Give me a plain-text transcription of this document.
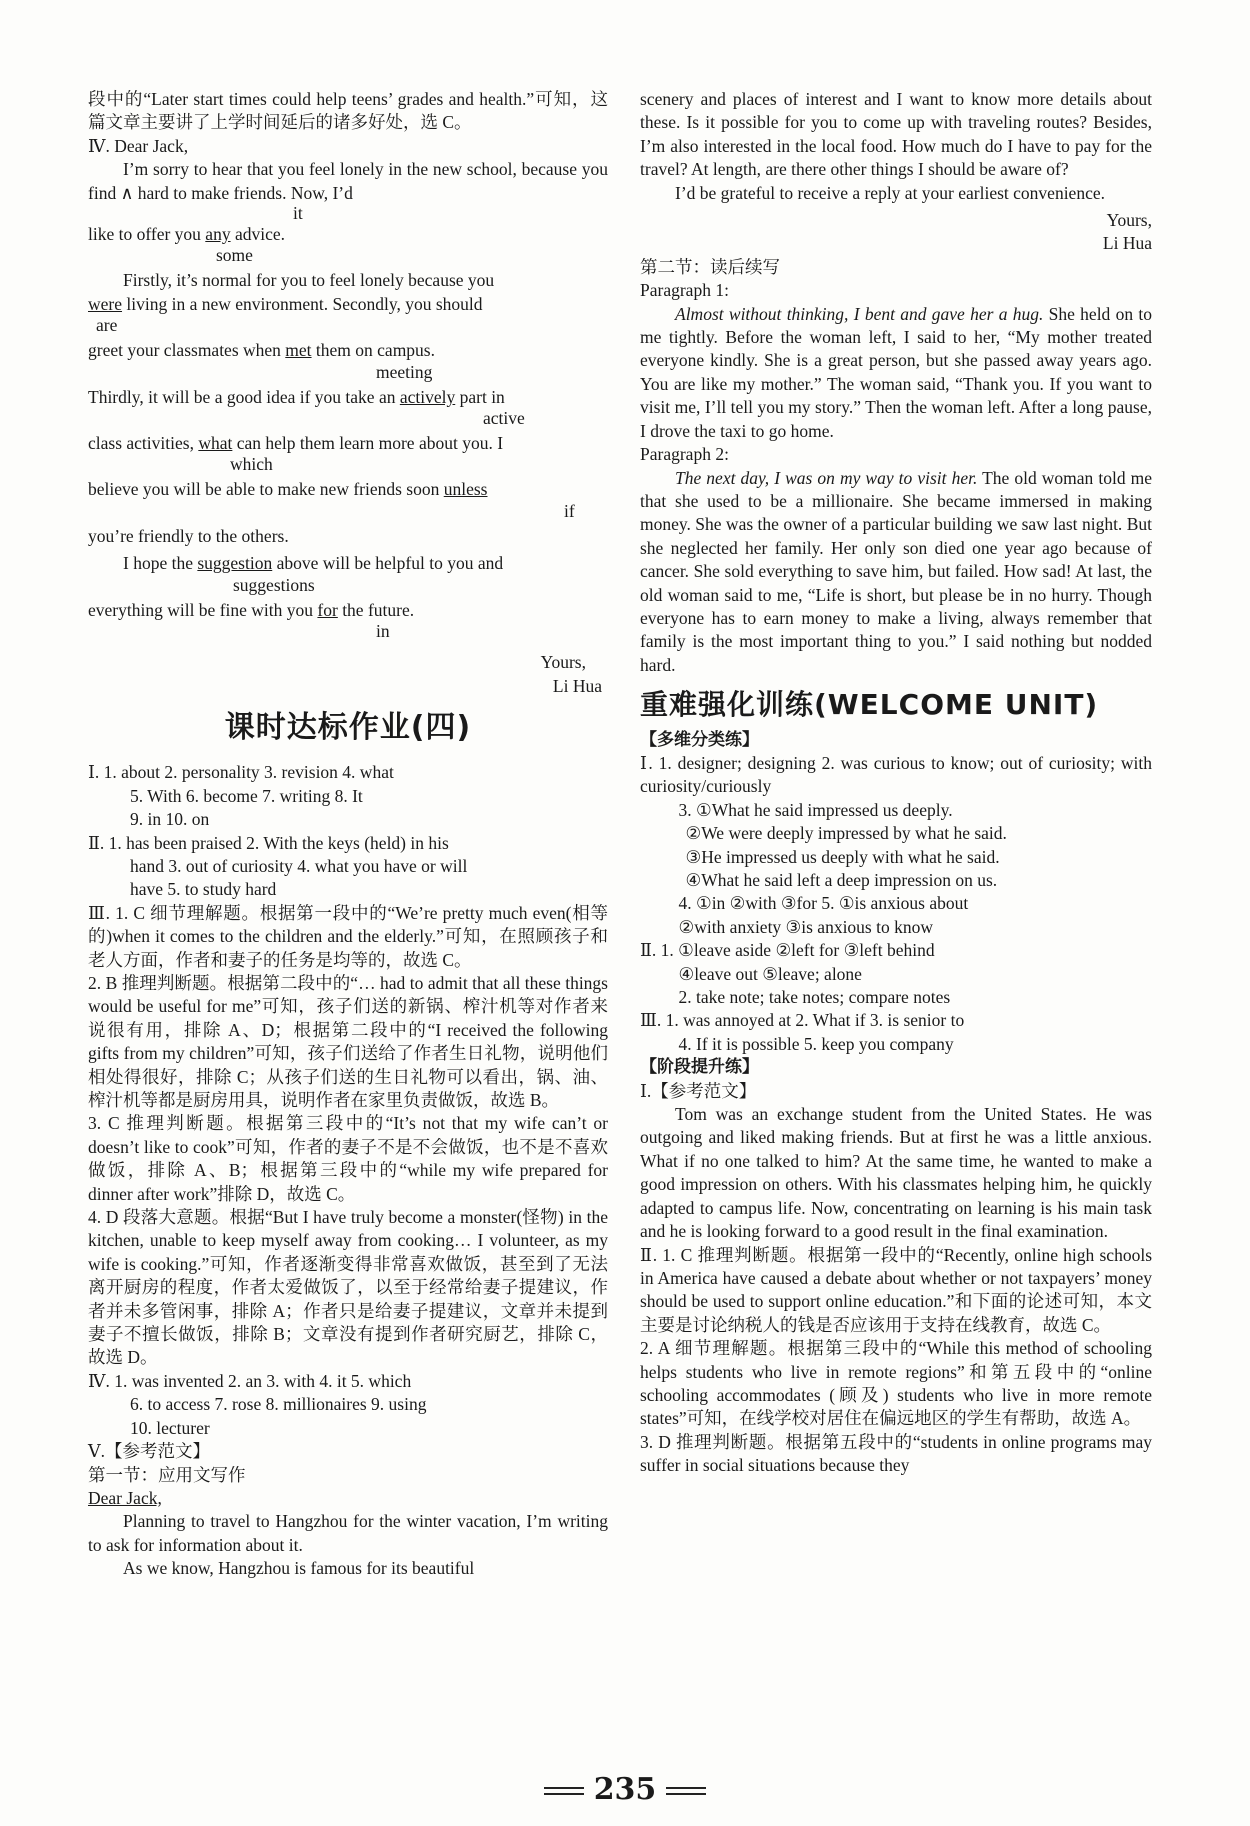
段中的“Later start times could help teens’ grades and health.”可知，这篇文章主要讲了上学时间延后的诸多好处，选 C。

Ⅳ. Dear Jack,

I’m sorry to hear that you feel lonely in the new school, because you find ∧ hard to make friends. Now, I’d

it

like to offer you any advice.

some

Firstly, it’s normal for you to feel lonely because you

were living in a new environment. Secondly, you should

are

greet your classmates when met them on campus.

meeting

Thirdly, it will be a good idea if you take an actively part in

active

class activities, what can help them learn more about you. I

which

believe you will be able to make new friends soon unless

if

you’re friendly to the others.

I hope the suggestion above will be helpful to you and

suggestions

everything will be fine with you for the future.

in

Yours,

Li Hua

课时达标作业(四)

Ⅰ. 1. about 2. personality 3. revision 4. what

5. With 6. become 7. writing 8. It

9. in 10. on

Ⅱ. 1. has been praised 2. With the keys (held) in his

hand 3. out of curiosity 4. what you have or will

have 5. to study hard

Ⅲ. 1. C 细节理解题。根据第一段中的“We’re pretty much even(相等的)when it comes to the children and the elderly.”可知，在照顾孩子和老人方面，作者和妻子的任务是均等的，故选 C。

2. B 推理判断题。根据第二段中的“… had to admit that all these things would be useful for me”可知，孩子们送的新锅、榨汁机等对作者来说很有用，排除 A、D；根据第二段中的“I received the following gifts from my children”可知，孩子们送给了作者生日礼物，说明他们相处得很好，排除 C；从孩子们送的生日礼物可以看出，锅、油、榨汁机等都是厨房用具，说明作者在家里负责做饭，故选 B。

3. C 推理判断题。根据第三段中的“It’s not that my wife can’t or doesn’t like to cook”可知，作者的妻子不是不会做饭，也不是不喜欢做饭，排除 A、B；根据第三段中的“while my wife prepared for dinner after work”排除 D，故选 C。

4. D 段落大意题。根据“But I have truly become a monster(怪物) in the kitchen, unable to keep myself away from cooking… I volunteer, as my wife is cooking.”可知，作者逐渐变得非常喜欢做饭，甚至到了无法离开厨房的程度，作者太爱做饭了，以至于经常给妻子提建议，作者并未多管闲事，排除 A；作者只是给妻子提建议，文章并未提到妻子不擅长做饭，排除 B；文章没有提到作者研究厨艺，排除 C，故选 D。

Ⅳ. 1. was invented 2. an 3. with 4. it 5. which

6. to access 7. rose 8. millionaires 9. using

10. lecturer

Ⅴ.【参考范文】

第一节：应用文写作

Dear Jack,

Planning to travel to Hangzhou for the winter vacation, I’m writing to ask for information about it.

As we know, Hangzhou is famous for its beautiful

scenery and places of interest and I want to know more details about these. Is it possible for you to come up with traveling routes? Besides, I’m also interested in the local food. How much do I have to pay for the travel? At length, are there other things I should be aware of?

I’d be grateful to receive a reply at your earliest convenience.

Yours,

Li Hua

第二节：读后续写

Paragraph 1:

Almost without thinking, I bent and gave her a hug. She held on to me tightly. Before the woman left, I said to her, “My mother treated everyone kindly. She is a great person, but she passed away years ago. You are like my mother.” The woman said, “Thank you. If you want to visit me, I’ll tell you my story.” Then the woman left. After a long pause, I drove the taxi to go home.

Paragraph 2:

The next day, I was on my way to visit her. The old woman told me that she used to be a millionaire. She became immersed in making money. She was the owner of a particular building we saw last night. But she neglected her family. Her only son died one year ago because of cancer. She sold everything to save him, but failed. How sad! At last, the old woman said to me, “Life is short, but please be in no hurry. Though everyone has to earn money to make a living, always remember that family is the most important thing to you.” I said nothing but nodded hard.

重难强化训练(WELCOME UNIT)

【多维分类练】

Ⅰ. 1. designer; designing 2. was curious to know; out of curiosity; with curiosity/curiously

3. ①What he said impressed us deeply.

②We were deeply impressed by what he said.

③He impressed us deeply with what he said.

④What he said left a deep impression on us.

4. ①in ②with ③for 5. ①is anxious about

②with anxiety ③is anxious to know

Ⅱ. 1. ①leave aside ②left for ③left behind

④leave out ⑤leave; alone

2. take note; take notes; compare notes

Ⅲ. 1. was annoyed at 2. What if 3. is senior to

4. If it is possible 5. keep you company

【阶段提升练】

Ⅰ.【参考范文】

Tom was an exchange student from the United States. He was outgoing and liked making friends. But at first he was a little anxious. What if no one talked to him? At the same time, he wanted to make a good impression on others. With his classmates helping him, he quickly adapted to campus life. Now, concentrating on learning is his main task and he is looking forward to a good result in the final examination.

Ⅱ. 1. C 推理判断题。根据第一段中的“Recently, online high schools in America have caused a debate about whether or not taxpayers’ money should be used to support online education.”和下面的论述可知，本文主要是讨论纳税人的钱是否应该用于支持在线教育，故选 C。

2. A 细节理解题。根据第三段中的“While this method of schooling helps students who live in remote regions”和第五段中的“online schooling accommodates (顾及) students who live in more remote states”可知，在线学校对居住在偏远地区的学生有帮助，故选 A。

3. D 推理判断题。根据第五段中的“students in online programs may suffer in social situations because they

235
